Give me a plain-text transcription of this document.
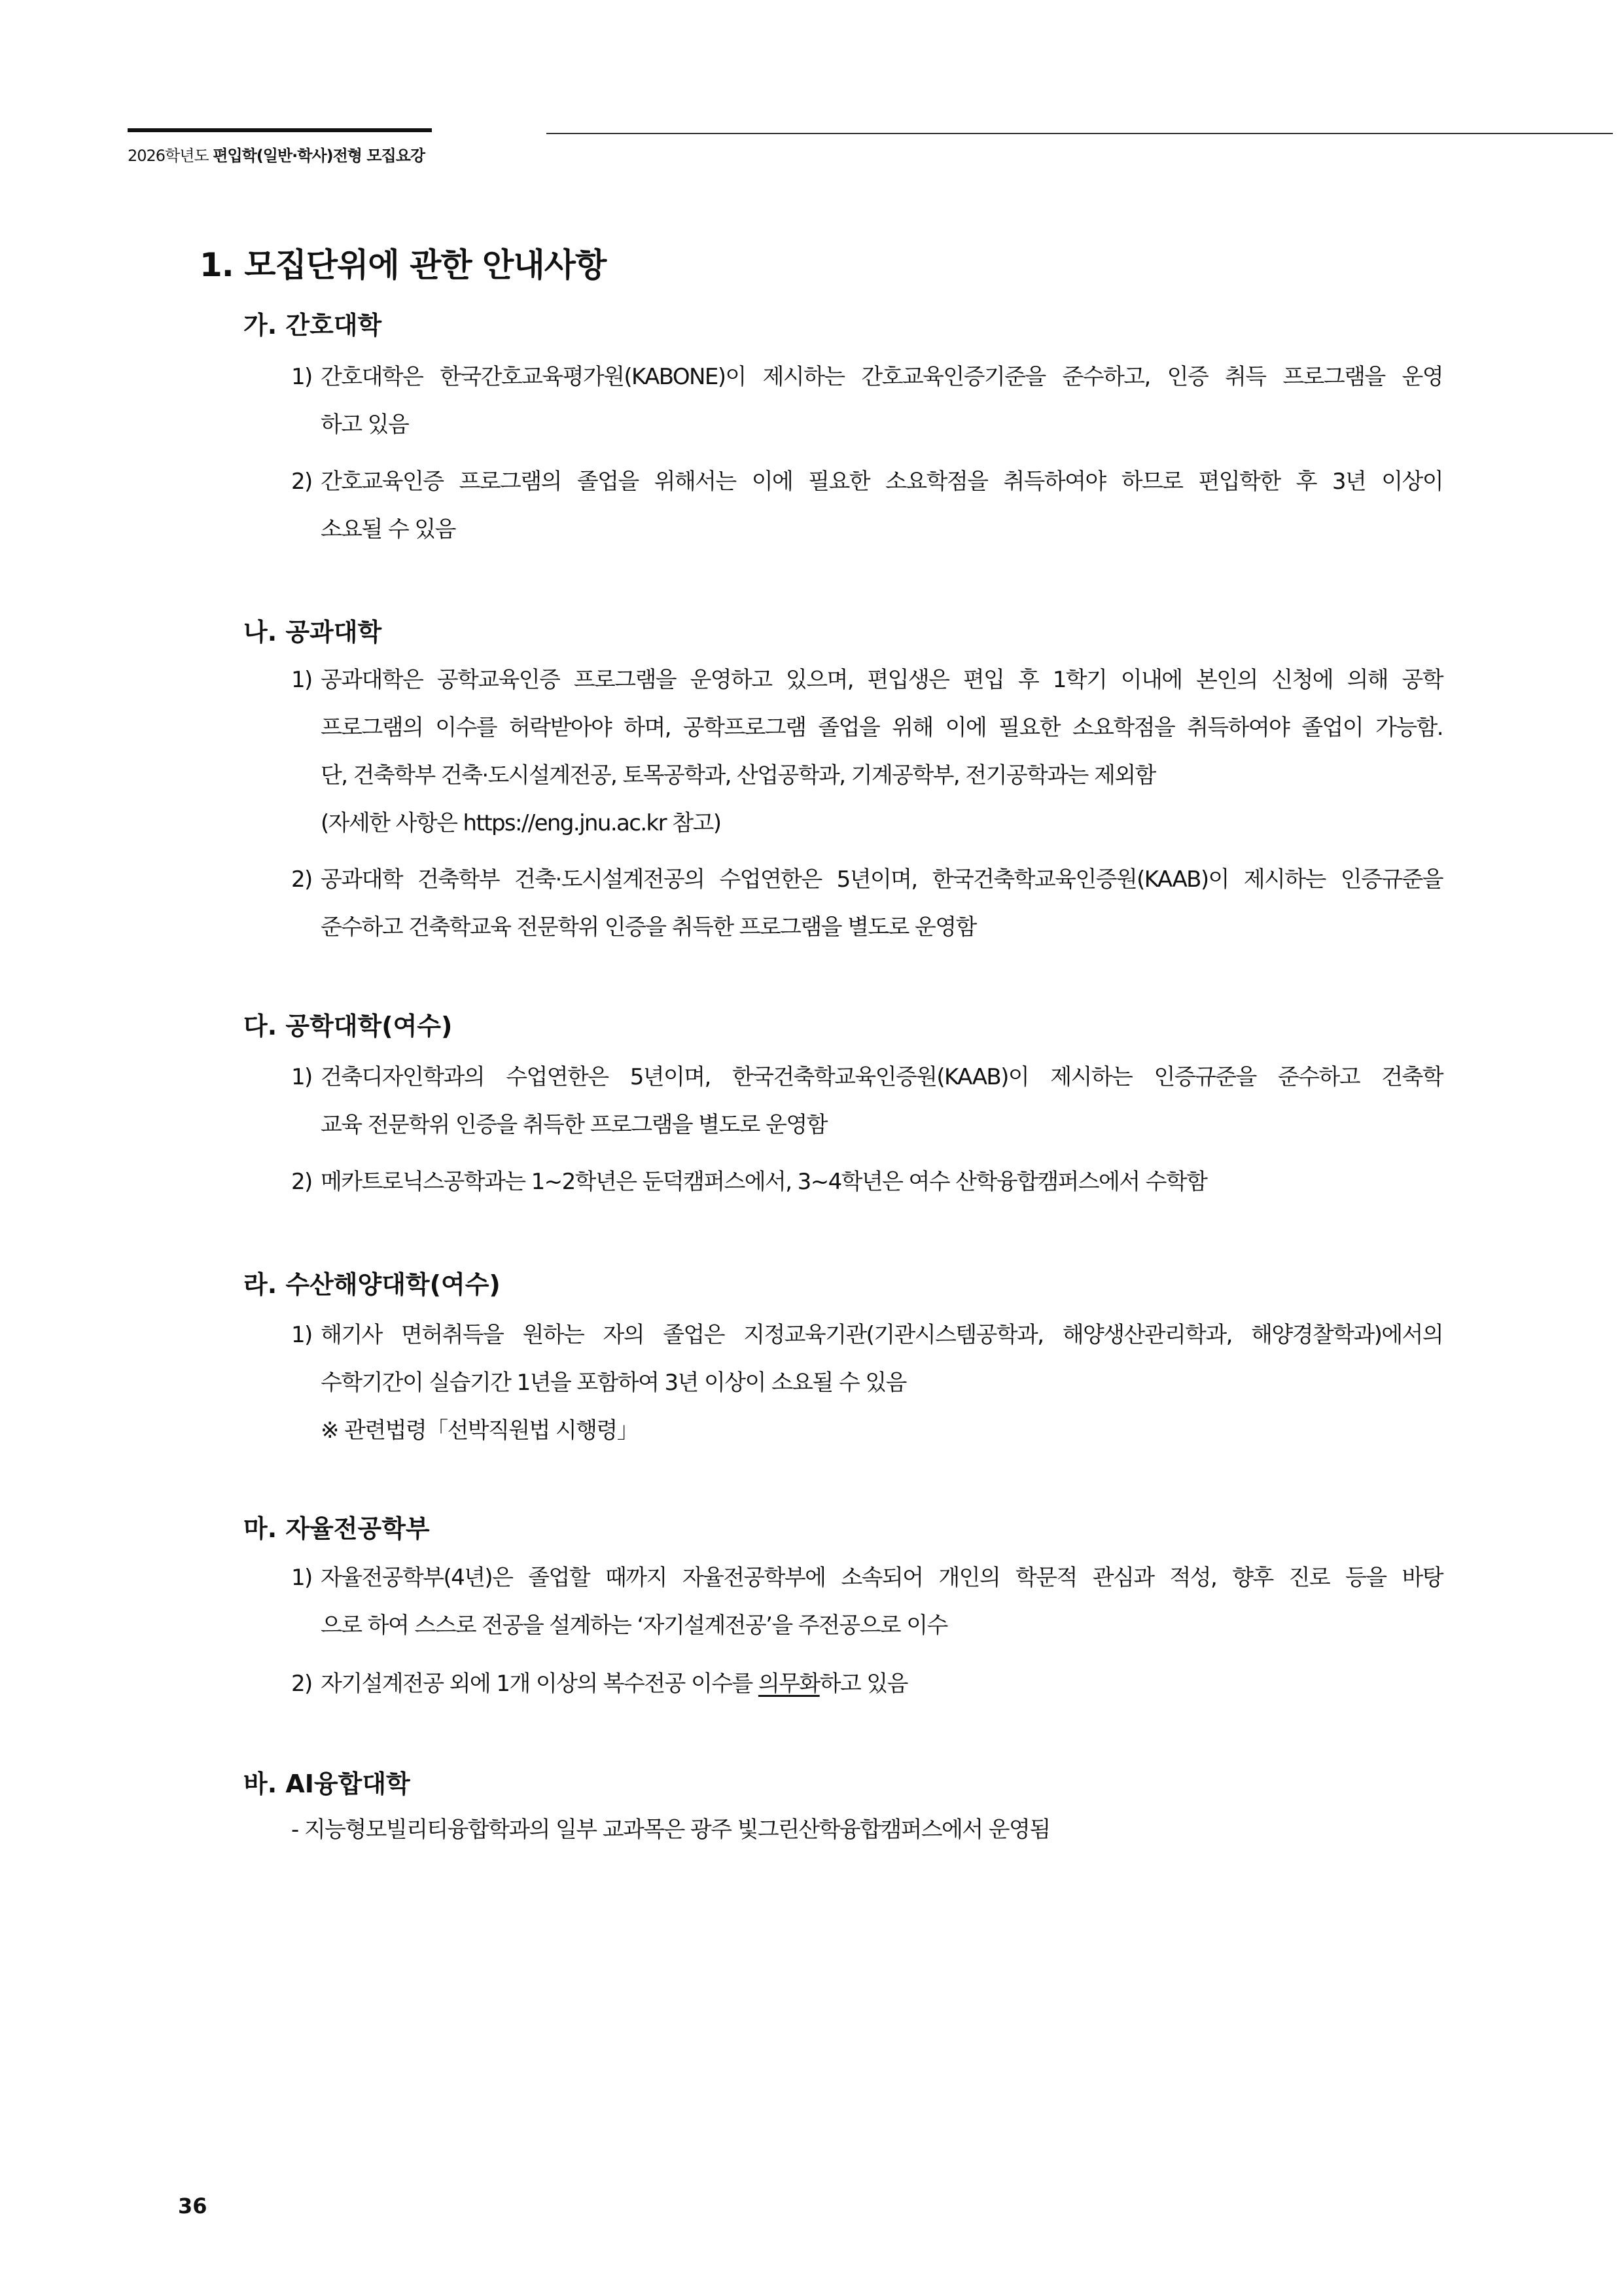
2026학년도 편입학(일반·학사)전형 모집요강
1. 모집단위에 관한 안내사항
가. 간호대학
1) 간호대학은 한국간호교육평가원(KABONE)이 제시하는 간호교육인증기준을 준수하고, 인증 취득 프로그램을 운영
하고 있음
2) 간호교육인증 프로그램의 졸업을 위해서는 이에 필요한 소요학점을 취득하여야 하므로 편입학한 후 3년 이상이
소요될 수 있음
나. 공과대학
1) 공과대학은 공학교육인증 프로그램을 운영하고 있으며, 편입생은 편입 후 1학기 이내에 본인의 신청에 의해 공학
프로그램의 이수를 허락받아야 하며, 공학프로그램 졸업을 위해 이에 필요한 소요학점을 취득하여야 졸업이 가능함.
단, 건축학부 건축·도시설계전공, 토목공학과, 산업공학과, 기계공학부, 전기공학과는 제외함
(자세한 사항은 https://eng.jnu.ac.kr 참고)
2) 공과대학 건축학부 건축·도시설계전공의 수업연한은 5년이며, 한국건축학교육인증원(KAAB)이 제시하는 인증규준을
준수하고 건축학교육 전문학위 인증을 취득한 프로그램을 별도로 운영함
다. 공학대학(여수)
1) 건축디자인학과의 수업연한은 5년이며, 한국건축학교육인증원(KAAB)이 제시하는 인증규준을 준수하고 건축학
교육 전문학위 인증을 취득한 프로그램을 별도로 운영함
2) 메카트로닉스공학과는 1~2학년은 둔덕캠퍼스에서, 3~4학년은 여수 산학융합캠퍼스에서 수학함
라. 수산해양대학(여수)
1) 해기사 면허취득을 원하는 자의 졸업은 지정교육기관(기관시스템공학과, 해양생산관리학과, 해양경찰학과)에서의
수학기간이 실습기간 1년을 포함하여 3년 이상이 소요될 수 있음
※ 관련법령「선박직원법 시행령」
마. 자율전공학부
1) 자율전공학부(4년)은 졸업할 때까지 자율전공학부에 소속되어 개인의 학문적 관심과 적성, 향후 진로 등을 바탕
으로 하여 스스로 전공을 설계하는 ‘자기설계전공’을 주전공으로 이수
2) 자기설계전공 외에 1개 이상의 복수전공 이수를 의무화하고 있음
바. AI융합대학
- 지능형모빌리티융합학과의 일부 교과목은 광주 빛그린산학융합캠퍼스에서 운영됨
36
